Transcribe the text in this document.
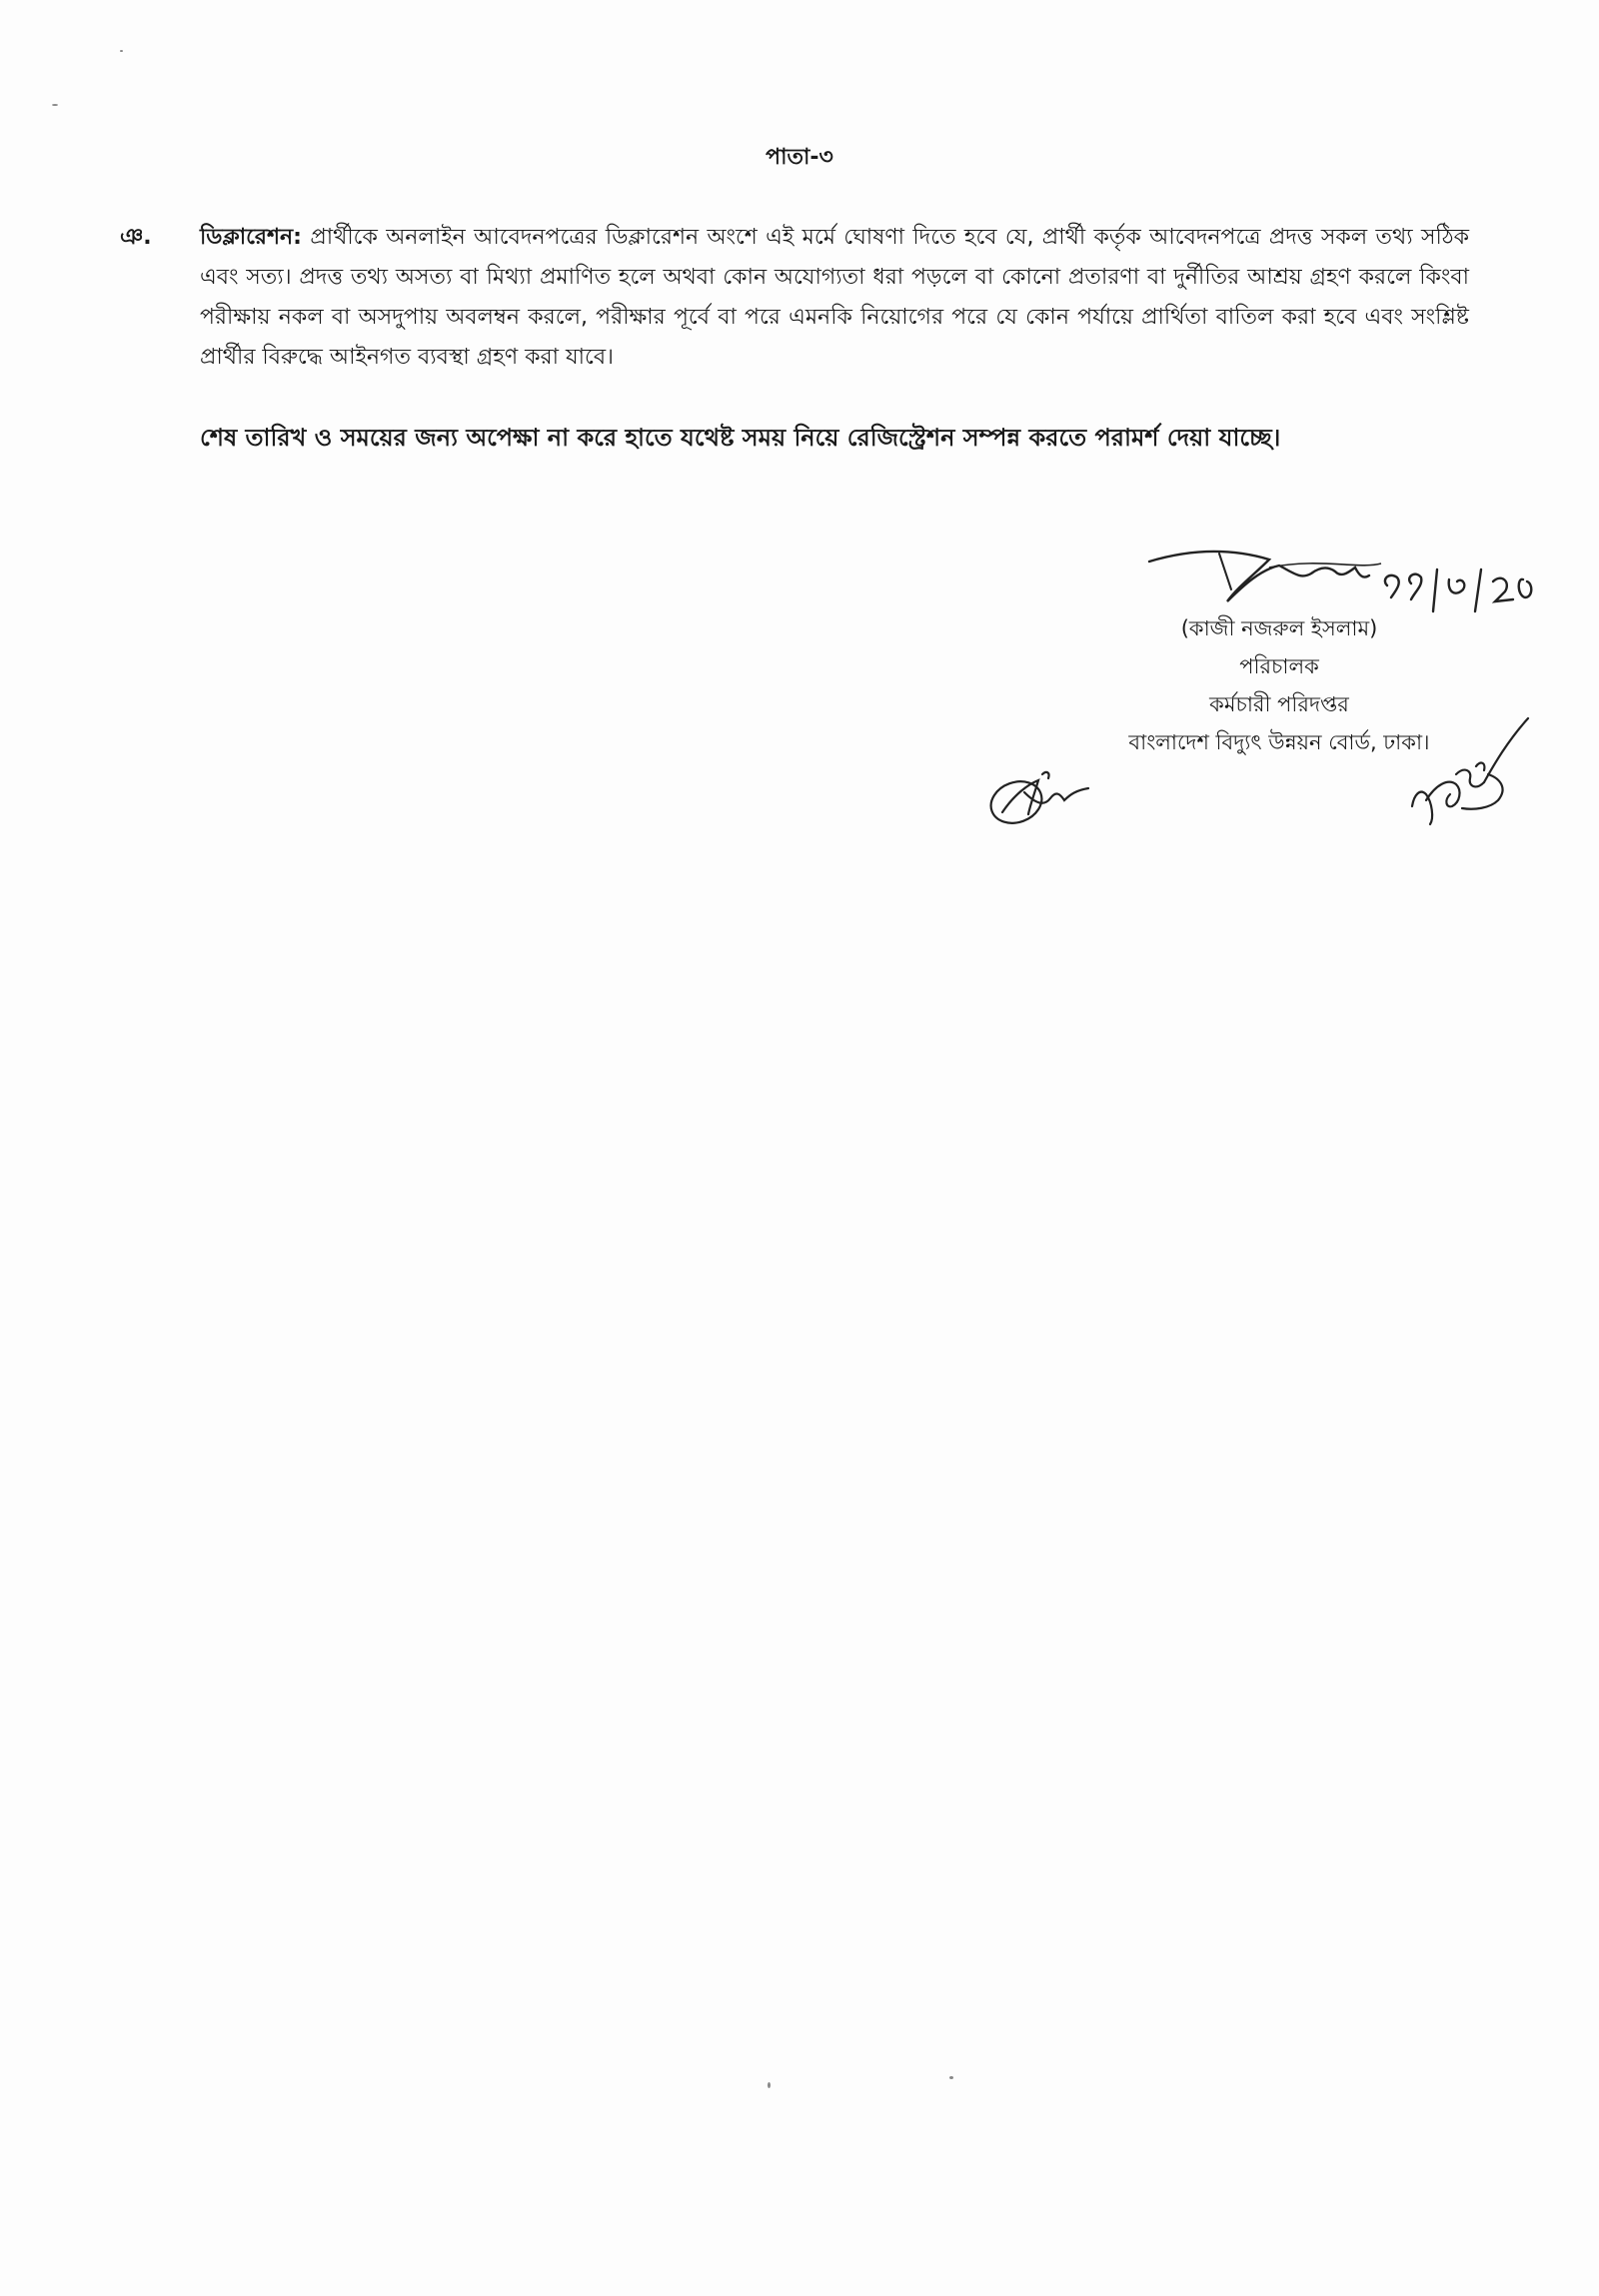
পাতা-৩
ঞ.	ডিক্লারেশন: প্রার্থীকে অনলাইন আবেদনপত্রের ডিক্লারেশন অংশে এই মর্মে ঘোষণা দিতে হবে যে, প্রার্থী কর্তৃক আবেদনপত্রে প্রদত্ত সকল তথ্য সঠিক এবং সত্য। প্রদত্ত তথ্য অসত্য বা মিথ্যা প্রমাণিত হলে অথবা কোন অযোগ্যতা ধরা পড়লে বা কোনো প্রতারণা বা দুর্নীতির আশ্রয় গ্রহণ করলে কিংবা পরীক্ষায় নকল বা অসদুপায় অবলম্বন করলে, পরীক্ষার পূর্বে বা পরে এমনকি নিয়োগের পরে যে কোন পর্যায়ে প্রার্থিতা বাতিল করা হবে এবং সংশ্লিষ্ট প্রার্থীর বিরুদ্ধে আইনগত ব্যবস্থা গ্রহণ করা যাবে।
শেষ তারিখ ও সময়ের জন্য অপেক্ষা না করে হাতে যথেষ্ট সময় নিয়ে রেজিস্ট্রেশন সম্পন্ন করতে পরামর্শ দেয়া যাচ্ছে।
(কাজী নজরুল ইসলাম)
পরিচালক
কর্মচারী পরিদপ্তর
বাংলাদেশ বিদ্যুৎ উন্নয়ন বোর্ড, ঢাকা।
